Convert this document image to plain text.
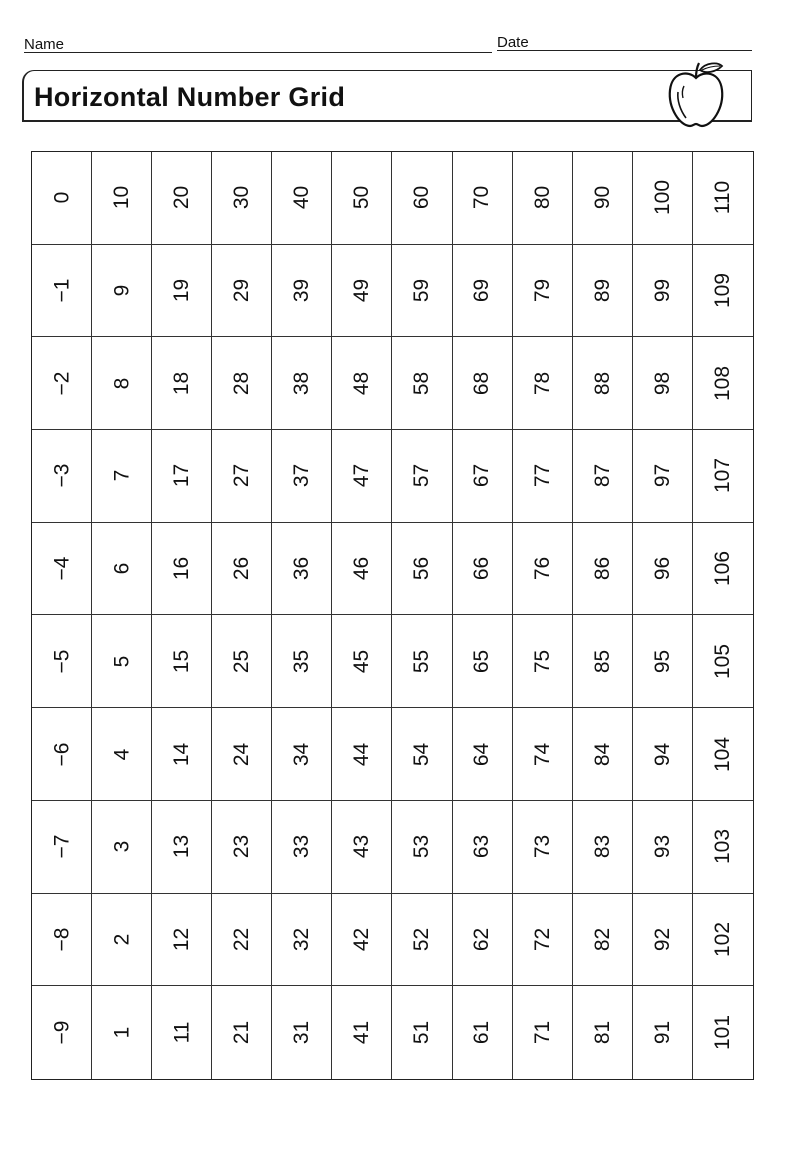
Name	Date
Horizontal Number Grid
0 10 20 30 40 50 60 70 80 90 100 110
−1 9 19 29 39 49 59 69 79 89 99 109
−2 8 18 28 38 48 58 68 78 88 98 108
−3 7 17 27 37 47 57 67 77 87 97 107
−4 6 16 26 36 46 56 66 76 86 96 106
−5 5 15 25 35 45 55 65 75 85 95 105
−6 4 14 24 34 44 54 64 74 84 94 104
−7 3 13 23 33 43 53 63 73 83 93 103
−8 2 12 22 32 42 52 62 72 82 92 102
−9 1 11 21 31 41 51 61 71 81 91 101
